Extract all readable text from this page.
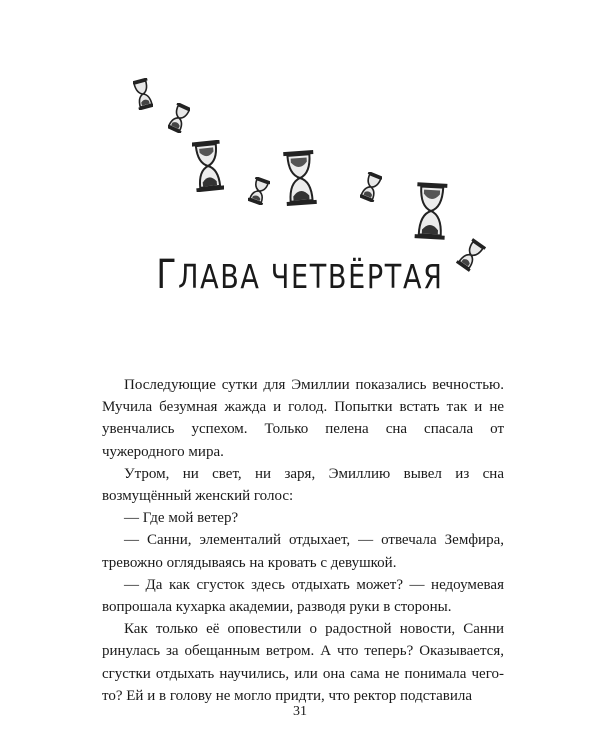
ГЛАВА ЧЕТВЁРТАЯ

Последующие сутки для Эмиллии показались вечностью. Мучила безумная жажда и голод. Попытки встать так и не увенчались успехом. Только пелена сна спасала от чужеродного мира.

Утром, ни свет, ни заря, Эмиллию вывел из сна возмущённый женский голос:

— Где мой ветер?

— Санни, элементалий отдыхает, — отвечала Земфира, тревожно оглядываясь на кровать с девушкой.

— Да как сгусток здесь отдыхать может? — недоумевая вопрошала кухарка академии, разводя руки в стороны.

Как только её оповестили о радостной новости, Санни ринулась за обещанным ветром. А что теперь? Оказывается, сгустки отдыхать научились, или она сама не понимала чего-то? Ей и в голову не могло придти, что ректор подставила

31
